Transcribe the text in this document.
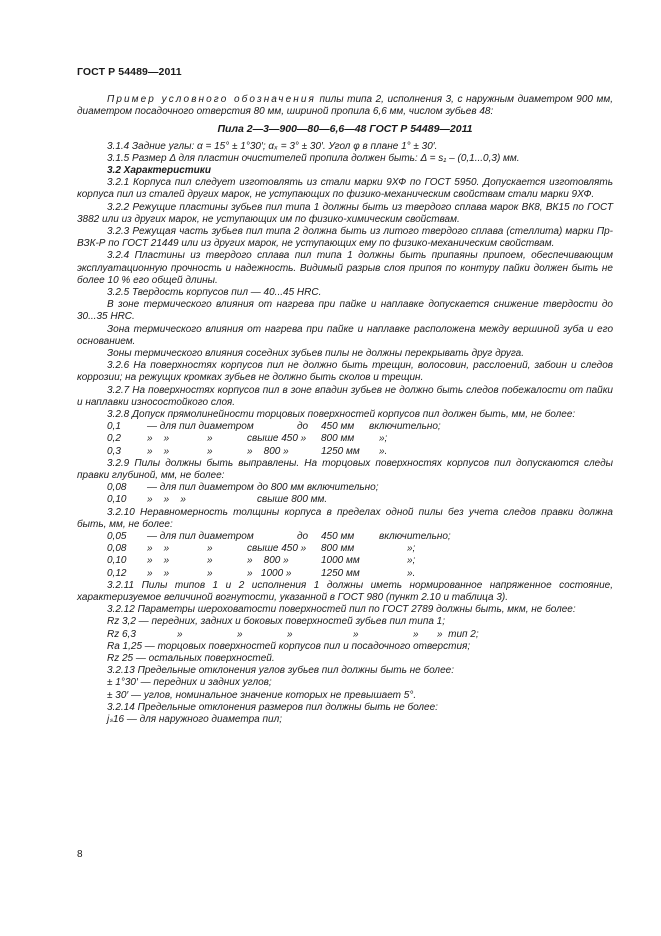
ГОСТ Р 54489—2011

Пример условного обозначения пилы типа 2, исполнения 3, с наружным диаметром 900 мм, диаметром посадочного отверстия 80 мм, шириной пропила 6,6 мм, числом зубьев 48:

Пила 2—3—900—80—6,6—48 ГОСТ Р 54489—2011

3.1.4 Задние углы: α = 15° ± 1°30′; αₓ = 3° ± 30′. Угол φ в плане 1° ± 30′.

3.1.5 Размер Δ для пластин очистителей пропила должен быть: Δ = s₁ – (0,1...0,3) мм.

3.2 Характеристики

3.2.1 Корпуса пил следует изготовлять из стали марки 9ХФ по ГОСТ 5950. Допускается изготовлять корпуса пил из сталей других марок, не уступающих по физико-механическим свойствам стали марки 9ХФ.

3.2.2 Режущие пластины зубьев пил типа 1 должны быть из твердого сплава марок ВК8, ВК15 по ГОСТ 3882 или из других марок, не уступающих им по физико-химическим свойствам.

3.2.3 Режущая часть зубьев пил типа 2 должна быть из литого твердого сплава (стеллита) марки Пр-ВЗК-Р по ГОСТ 21449 или из других марок, не уступающих ему по физико-механическим свойствам.

3.2.4 Пластины из твердого сплава пил типа 1 должны быть припаяны припоем, обеспечивающим эксплуатационную прочность и надежность. Видимый разрыв слоя припоя по контуру пайки должен быть не более 10 % его общей длины.

3.2.5 Твердость корпусов пил — 40...45 HRC.

В зоне термического влияния от нагрева при пайке и наплавке допускается снижение твердости до 30...35 HRC.

Зона термического влияния от нагрева при пайке и наплавке расположена между вершиной зуба и его основанием.

Зоны термического влияния соседних зубьев пилы не должны перекрывать друг друга.

3.2.6 На поверхностях корпусов пил не должно быть трещин, волосовин, расслоений, забоин и следов коррозии; на режущих кромках зубьев не должно быть сколов и трещин.

3.2.7 На поверхностях корпусов пил в зоне впадин зубьев не должно быть следов побежалости от пайки и наплавки износостойкого слоя.

3.2.8 Допуск прямолинейности торцовых поверхностей корпусов пил должен быть, мм, не более:

0,1	— для пил диаметром	до	450 мм	включительно;
0,2	»    »	»	свыше 450 »	800 мм	»;
0,3	»    »	»	»    800 »	1250 мм	».

3.2.9 Пилы должны быть выправлены. На торцовых поверхностях корпусов пил допускаются следы правки глубиной, мм, не более:

0,08	— для пил диаметром до 800 мм включительно;
0,10	»    »    »	свыше 800 мм.

3.2.10 Неравномерность толщины корпуса в пределах одной пилы без учета следов правки должна быть, мм, не более:

0,05	— для пил диаметром	до	450 мм	включительно;
0,08	»    »	»	свыше 450 »	800 мм	»;
0,10	»    »	»	»    800 »	1000 мм	»;
0,12	»    »	»	»   1000 »	1250 мм	».

3.2.11 Пилы типов 1 и 2 исполнения 1 должны иметь нормированное напряженное состояние, характеризуемое величиной вогнутости, указанной в ГОСТ 980 (пункт 2.10 и таблица 3).

3.2.12 Параметры шероховатости поверхностей пил по ГОСТ 2789 должны быть, мкм, не более:

Rz 3,2 — передних, задних и боковых поверхностей зубьев пил типа 1;

Rz 6,3	»	»	»	»	»	»  тип 2;

Ra 1,25 — торцовых поверхностей корпусов пил и посадочного отверстия;

Rz 25 — остальных поверхностей.

3.2.13 Предельные отклонения углов зубьев пил должны быть не более:

± 1°30′ — передних и задних углов;

± 30′ — углов, номинальное значение которых не превышает 5°.

3.2.14 Предельные отклонения размеров пил должны быть не более:

jₛ16 — для наружного диаметра пил;

8
